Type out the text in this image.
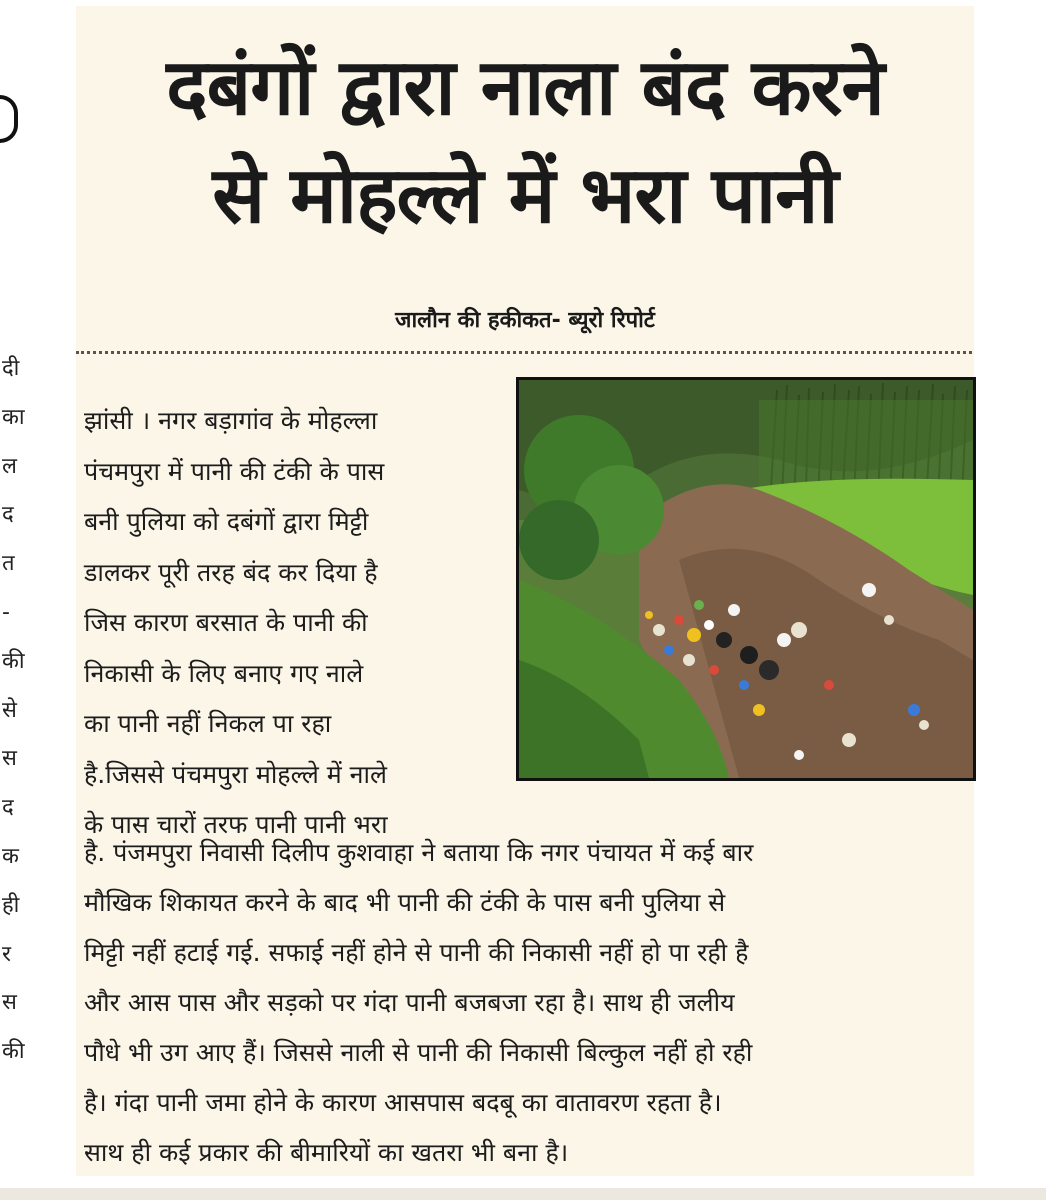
दी
का
ल
द
त
-
की
से
स
द
क
ही
र
स
की
दबंगों द्वारा नाला बंद करने
से मोहल्ले में भरा पानी
जालौन की हकीकत- ब्यूरो रिपोर्ट
झांसी । नगर बड़ागांव के मोहल्ला
पंचमपुरा में पानी की टंकी के पास
बनी पुलिया को दबंगों द्वारा मिट्टी
डालकर पूरी तरह बंद कर दिया है
जिस कारण बरसात के पानी की
निकासी के लिए बनाए गए नाले
का पानी नहीं निकल पा रहा
है.जिससे पंचमपुरा मोहल्ले में नाले
के पास चारों तरफ पानी पानी भरा
है. पंजमपुरा निवासी दिलीप कुशवाहा ने बताया कि नगर पंचायत में कई बार
मौखिक शिकायत करने के बाद भी पानी की टंकी के पास बनी पुलिया से
मिट्टी नहीं हटाई गई. सफाई नहीं होने से पानी की निकासी नहीं हो पा रही है
और आस पास और सड़को पर गंदा पानी बजबजा रहा है। साथ ही जलीय
पौधे भी उग आए हैं। जिससे नाली से पानी की निकासी बिल्कुल नहीं हो रही
है। गंदा पानी जमा होने के कारण आसपास बदबू का वातावरण रहता है।
साथ ही कई प्रकार की बीमारियों का खतरा भी बना है।
